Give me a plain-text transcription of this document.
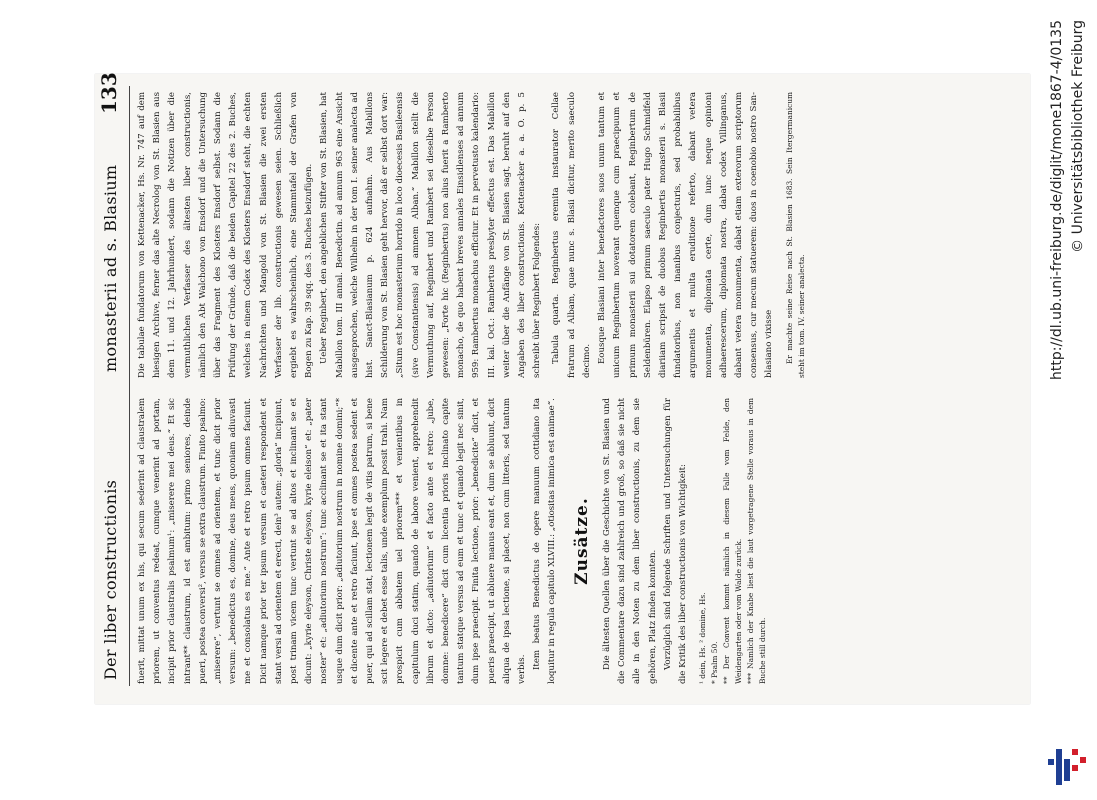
Der liber constructionis
monasterii ad s. Blasium
133

fuerit, mittat unum ex his, qui secum sederint ad claustralem priorem, ut conventus redeat, cumque venerint ad portam, incipit prior claustralis psalmum¹: „miserere mei deus.“ Et sic intrant** claustrum, id est ambitum: primo seniores, deinde pueri, postea conversi², versus se extra claustrum. Finito psalmo: „miserere“, vertunt se omnes ad orientem, et tunc dicit prior versum: „benedictus es, domine, deus meus, quoniam adiuvasti me et consolatus es me.“ Ante et retro ipsum omnes faciunt. Dicit namque prior ter ipsum versum et caeteri respondent et stant versi ad orientem et erecti, dein³ autem: „gloria“ incipiunt, post trinam vicem tunc vertunt se ad altos et inclinant se et dicunt: „kyrie eleyson, Christe eleyson, kyrie eleison“ et: „pater noster“ et: „adiutorium nostrum“: tunc acclinant se et ita stant usque dum dicit prior: „adiutorium nostrum in nomine domini;“* et dicente ante et retro faciunt, ipse et omnes postea sedent et puer, qui ad scillam stat, lectionem legit de vitis patrum, si bene scit legere et debet esse talis, unde exemplum possit trahi. Nam prospicit cum abbatem uel priorem*** et venientibus in capitulum duci statim, quando de labore venient, apprehendit librum et dicto: „adiutorium“ et facto ante et retro: „jube, domne: benedicere“ dicit cum licentia prioris inclinato capite tantum statque versus ad eum et tunc et quando legit nec sinit, dum ipse praecipit. Finita lectione, prior: „benedicite“ dicit, et pueris praecipit, ut abluere manus eant et, dum se abluunt, dicit aliqua de ipsa lectione, si placet, non cum litteris, sed tantum verbis. Item beatus Benedictus de opere manuum cottidiano ita loquitur in regula capitulo XLVIII.: „otiositas inimica est animae“. Zusätze. Die ältesten Quellen über die Geschichte von St. Blasien und die Commentare dazu sind zahlreich und groß, so daß sie nicht alle in den Noten zu dem liber constructionis, zu dem sie gehören, Platz finden konnten. Vorzüglich sind folgende Schriften und Untersuchungen für die Kritik des liber constructionis von Wichtigkeit:	¹ dein, Hs. ² domine, Hs. * Psalm 50. ** Der Convent kommt nämlich in diesem Falle vom Felde, den Weidengarten oder vom Walde zurück. *** Namlich der Knabe liest die laut vorgetragene Stelle voraus in dem Buche still durch.

Die tabulae fundatorum von Kettenacker, Hs. Nr. 747 auf dem hiesigen Archive, ferner das alte Necrolog von St. Blasien aus dem 11. und 12. Jahrhundert, sodann die Notizen über die vermuthlichen Verfasser des ältesten liber constructionis, nämlich den Abt Walchono von Ensdorf und die Untersuchung über das Fragment des Klosters Ensdorf selbst. Sodann die Prüfung der Gründe, daß die beiden Capitel 22 des 2. Buches, welches in einem Codex des Klosters Ensdorf steht, die echten Nachrichten und Mangold von St. Blasien die zwei ersten Verfasser der lib. constructionis gewesen seien. Schließlich ergiebt es wahrscheinlich, eine Stammtafel der Grafen von Bogen zu Kap. 39 sqq. des 3. Buches beizufügen. Ueber Reginbert, den angeblichen Stifter von St. Blasien, hat Mabillon tom. III annal. Benedictin. ad annum 963 eine Ansicht ausgesprochen, welche Wilhelm in der tom I. seiner analecta ad hist. Sanct-Blasianum p. 624 aufnahm. Aus Mabillons Schilderung von St. Blasien geht hervor, daß er selbst dort war: „Situm est hoc monasterium horrido in loco dioecesis Basileensis (sive Constantiensis) ad amnem Alban.“ Mabillon stellt die Vermuthung auf, Reginbert und Rambert sei dieselbe Person gewesen: „Forte hic (Reginbertus) non alius fuerit a Ramberto monacho, de quo habent breves annales Einsidlenses ad annum 959: Rambertus monachus efficitur. Et in pervetusto kalendario: III. kal. Oct.: Rambertus presbyter effectus est. Das Mabillon weiter über die Anfänge von St. Blasien sagt, beruht auf den Angaben des liber constructionis. Kettenacker a. a. O. p. 5 schreibt über Reginbert Folgendes:	Tabula quarta. Reginbertus eremita instaurator Cellae fratrum ad Albam, quae nunc s. Blasii dicitur, merito saeculo decimo. Eousque Blasiani inter benefactores suos unum tantum et unicum Reginbertum noverant quemque cum praecipuum et primum monasterii sui dotatorem colebant, Reginbertum de Seldenbüren. Elapso primum saeculo pater Hugo Schmidfeld diariiam scripsit de duobus Reginbertis monasterii s. Blasii fundatoribus, non inanibus conjecturis, sed probabilibus argumentis et multa eruditione referto, dabant vetera monumenta, diplomata certe, dum iunc neque opinioni adhaerescerum, diplomata nostra, dabat codex Villinganus, dabant vetera monumenta, dabat etiam exterorum scriptorum consensus, cur mecum statuerem: duos in coenobio nostro San-blasiano vixisse	Er machte seine Reise nach St. Blasien 1683. Sein Itergermanicum steht im tom. IV. seiner analecta.	http://dl.ub.uni-freiburg.de/diglit/mone1867-4/0135 © Universitätsbibliothek Freiburg
